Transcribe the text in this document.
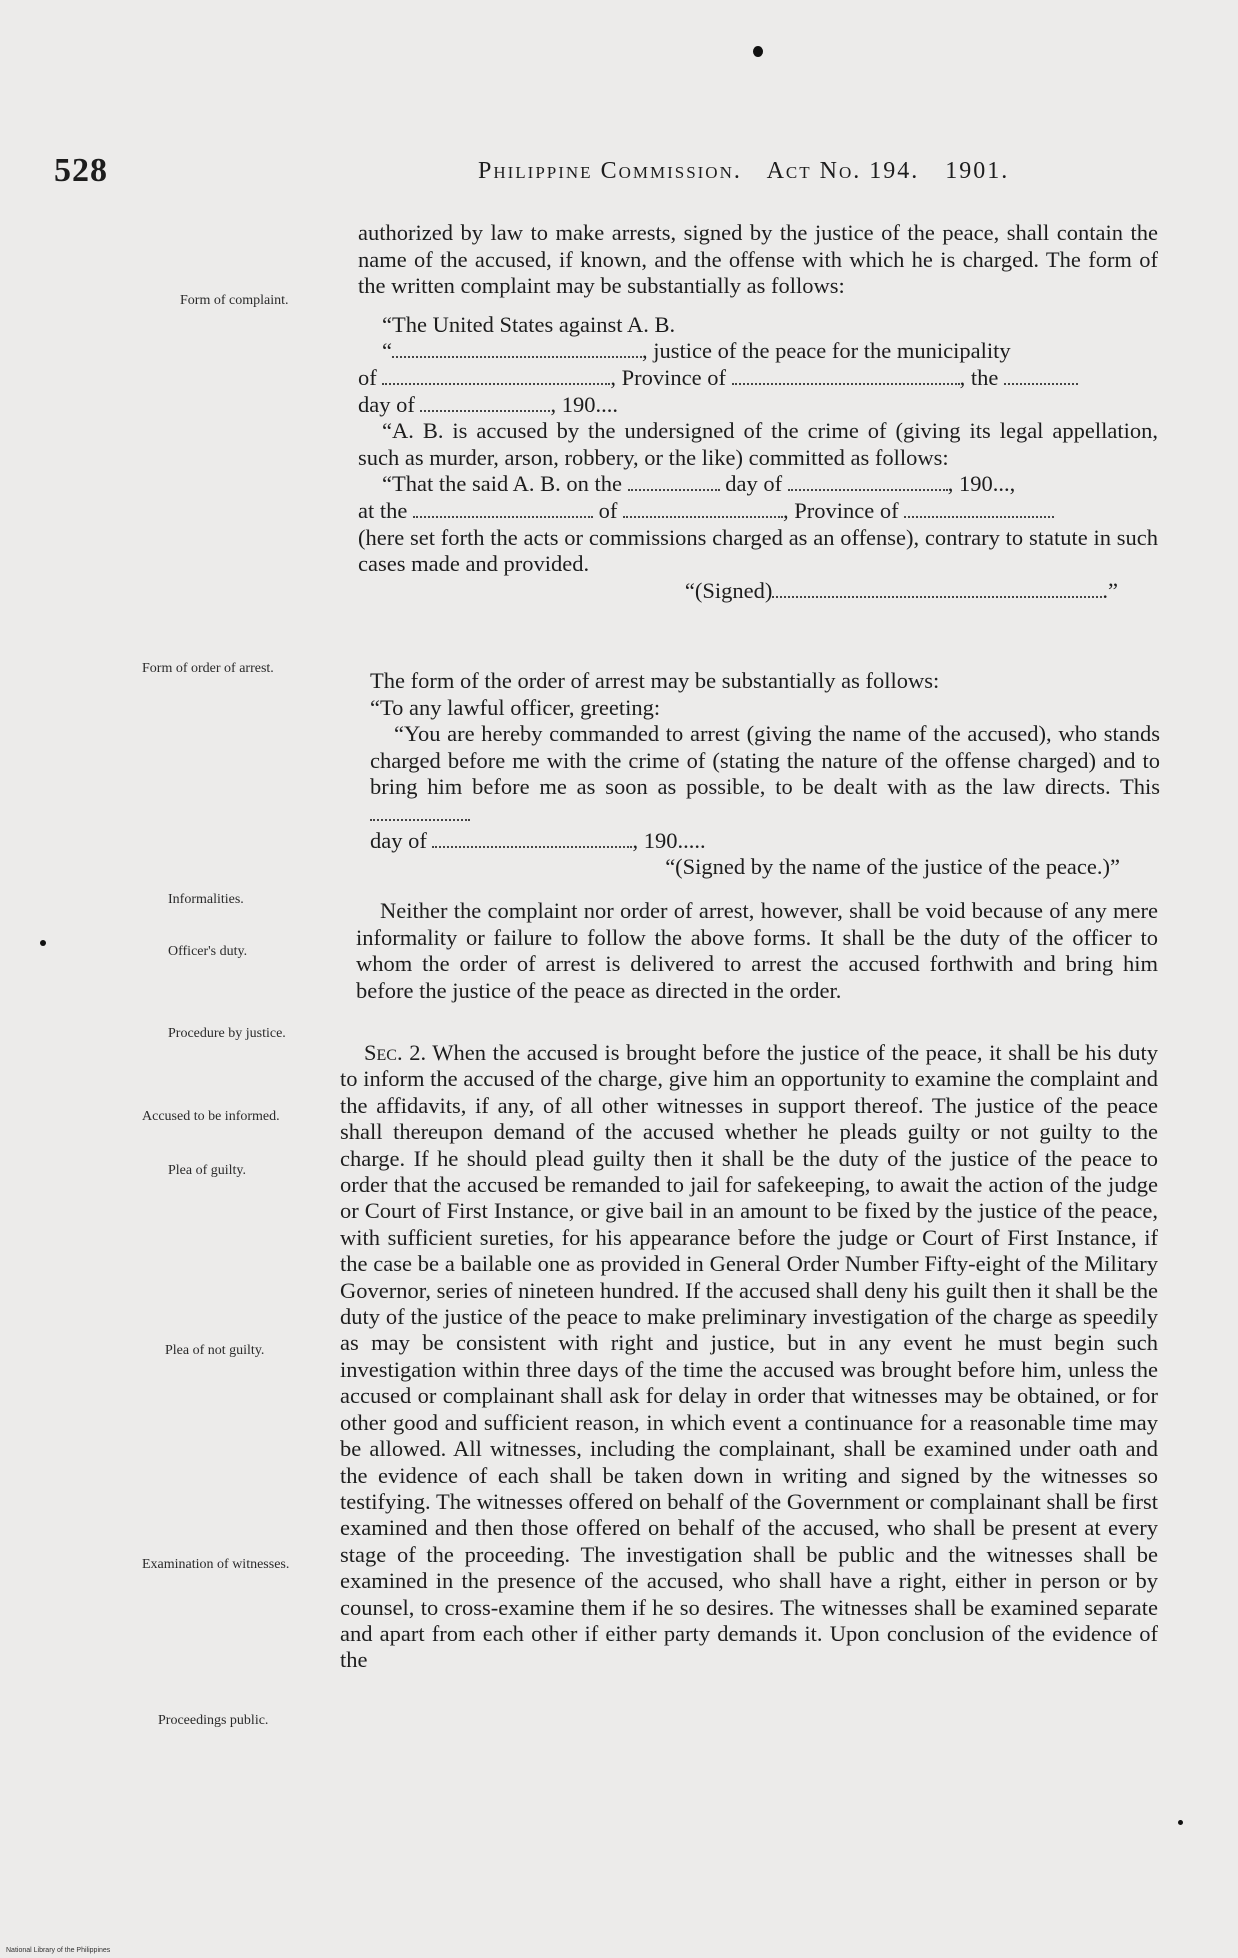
528	Philippine Commission. Act No. 194. 1901.
Form of complaint.
Form of order of arrest.
Informalities.
Officer's duty.
Procedure by justice.
Accused to be informed.
Plea of guilty.
Plea of not guilty.
Examination of witnesses.
Proceedings public.

authorized by law to make arrests, signed by the justice of the peace, shall contain the name of the accused, if known, and the offense with which he is charged. The form of the written complaint may be substantially as follows:

“The United States against A. B.

“	, justice of the peace for the municipality

of	, Province of	, the

day of	, 190....

“A. B. is accused by the undersigned of the crime of (giving its legal appellation, such as murder, arson, robbery, or the like) committed as follows:

“That the said A. B. on the	day of	, 190...,

at the	of	, Province of

(here set forth the acts or commissions charged as an offense), contrary to statute in such cases made and provided.

“(Signed)	.”

The form of the order of arrest may be substantially as follows:

“To any lawful officer, greeting:

“You are hereby commanded to arrest (giving the name of the accused), who stands charged before me with the crime of (stating the nature of the offense charged) and to bring him before me as soon as possible, to be dealt with as the law directs. This

day of	, 190.....

“(Signed by the name of the justice of the peace.)”

Neither the complaint nor order of arrest, however, shall be void because of any mere informality or failure to follow the above forms. It shall be the duty of the officer to whom the order of arrest is delivered to arrest the accused forthwith and bring him before the justice of the peace as directed in the order.

Sec. 2. When the accused is brought before the justice of the peace, it shall be his duty to inform the accused of the charge, give him an opportunity to examine the complaint and the affidavits, if any, of all other witnesses in support thereof. The justice of the peace shall thereupon demand of the accused whether he pleads guilty or not guilty to the charge. If he should plead guilty then it shall be the duty of the justice of the peace to order that the accused be remanded to jail for safekeeping, to await the action of the judge or Court of First Instance, or give bail in an amount to be fixed by the justice of the peace, with sufficient sureties, for his appearance before the judge or Court of First Instance, if the case be a bailable one as provided in General Order Number Fifty-eight of the Military Governor, series of nineteen hundred. If the accused shall deny his guilt then it shall be the duty of the justice of the peace to make preliminary investigation of the charge as speedily as may be consistent with right and justice, but in any event he must begin such investigation within three days of the time the accused was brought before him, unless the accused or complainant shall ask for delay in order that witnesses may be obtained, or for other good and sufficient reason, in which event a continuance for a reasonable time may be allowed. All witnesses, including the complainant, shall be examined under oath and the evidence of each shall be taken down in writing and signed by the witnesses so testifying. The witnesses offered on behalf of the Government or complainant shall be first examined and then those offered on behalf of the accused, who shall be present at every stage of the proceeding. The investigation shall be public and the witnesses shall be examined in the presence of the accused, who shall have a right, either in person or by counsel, to cross-examine them if he so desires. The witnesses shall be examined separate and apart from each other if either party demands it. Upon conclusion of the evidence of the

National Library of the Philippines
